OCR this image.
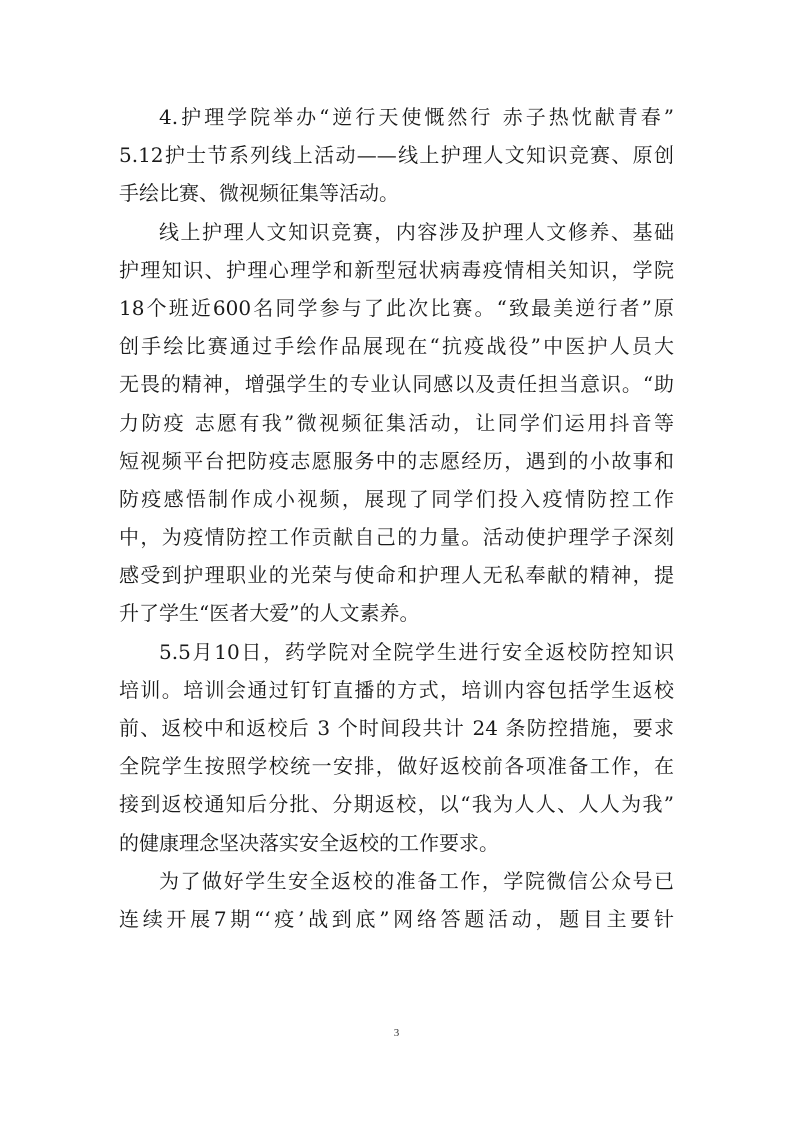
4.护理学院举办“逆行天使慨然行 赤子热忱献青春”
5.12护士节系列线上活动——线上护理人文知识竞赛、原创
手绘比赛、微视频征集等活动。
线上护理人文知识竞赛，内容涉及护理人文修养、基础
护理知识、护理心理学和新型冠状病毒疫情相关知识，学院
18个班近600名同学参与了此次比赛。“致最美逆行者”原
创手绘比赛通过手绘作品展现在“抗疫战役”中医护人员大
无畏的精神，增强学生的专业认同感以及责任担当意识。“助
力防疫 志愿有我”微视频征集活动，让同学们运用抖音等
短视频平台把防疫志愿服务中的志愿经历，遇到的小故事和
防疫感悟制作成小视频，展现了同学们投入疫情防控工作
中，为疫情防控工作贡献自己的力量。活动使护理学子深刻
感受到护理职业的光荣与使命和护理人无私奉献的精神，提
升了学生“医者大爱”的人文素养。
5.5月10日，药学院对全院学生进行安全返校防控知识
培训。培训会通过钉钉直播的方式，培训内容包括学生返校
前、返校中和返校后 3 个时间段共计 24 条防控措施，要求
全院学生按照学校统一安排，做好返校前各项准备工作，在
接到返校通知后分批、分期返校，以“我为人人、人人为我”
的健康理念坚决落实安全返校的工作要求。
为了做好学生安全返校的准备工作，学院微信公众号已
连续开展7期“‘疫’战到底”网络答题活动，题目主要针
3
